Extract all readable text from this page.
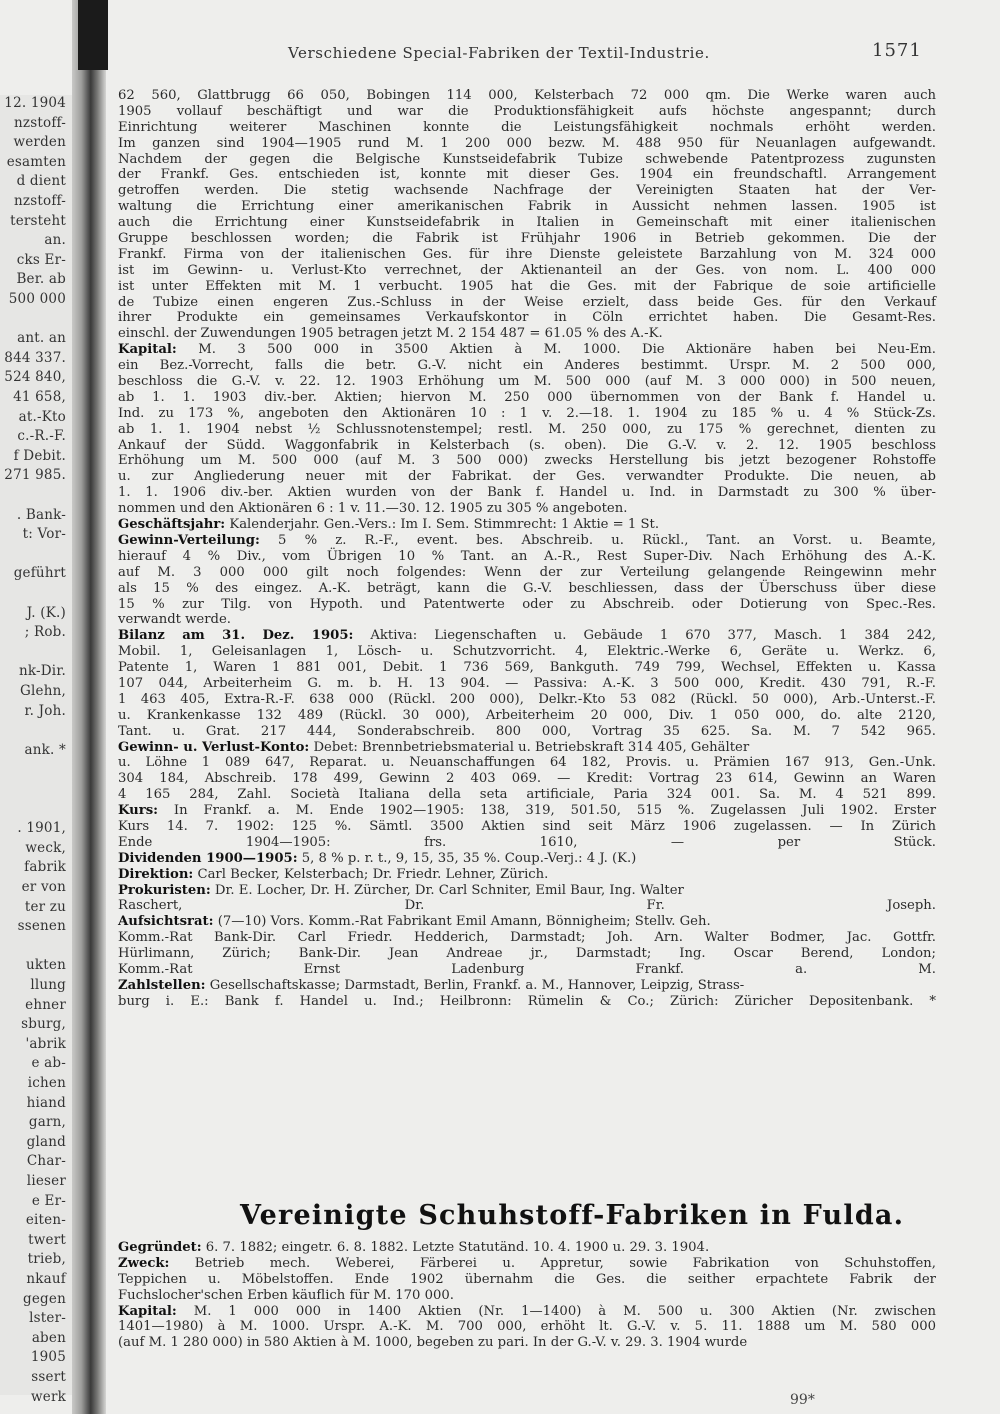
12. 1904
nzstoff-
werden
esamten
d dient
nzstoff-
tersteht
an.
cks Er-
Ber. ab
500 000
ant. an
844 337.
524 840,
41 658,
at.-Kto
c.-R.-F.
f Debit.
271 985.
. Bank-
t: Vor-
geführt
J. (K.)
; Rob.
nk-Dir.
Glehn,
r. Joh.
ank. *
. 1901,
weck,
fabrik
er von
ter zu
ssenen
ukten
llung
ehner
sburg,
'abrik
e ab-
ichen
hiand
garn,
gland
Char-
lieser
e Er-
eiten-
twert
trieb,
nkauf
gegen
lster-
aben
1905
ssert
werk
Verschiedene Special-Fabriken der Textil-Industrie.	1571
62 560, Glattbrugg 66 050, Bobingen 114 000, Kelsterbach 72 000 qm. Die Werke waren auch
1905 vollauf beschäftigt und war die Produktionsfähigkeit aufs höchste angespannt; durch
Einrichtung weiterer Maschinen konnte die Leistungsfähigkeit nochmals erhöht werden.
Im ganzen sind 1904—1905 rund M. 1 200 000 bezw. M. 488 950 für Neuanlagen aufgewandt.
Nachdem der gegen die Belgische Kunstseidefabrik Tubize schwebende Patentprozess zugunsten
der Frankf. Ges. entschieden ist, konnte mit dieser Ges. 1904 ein freundschaftl. Arrangement
getroffen werden. Die stetig wachsende Nachfrage der Vereinigten Staaten hat der Ver-
waltung die Errichtung einer amerikanischen Fabrik in Aussicht nehmen lassen. 1905 ist
auch die Errichtung einer Kunstseidefabrik in Italien in Gemeinschaft mit einer italienischen
Gruppe beschlossen worden; die Fabrik ist Frühjahr 1906 in Betrieb gekommen. Die der
Frankf. Firma von der italienischen Ges. für ihre Dienste geleistete Barzahlung von M. 324 000
ist im Gewinn- u. Verlust-Kto verrechnet, der Aktienanteil an der Ges. von nom. L. 400 000
ist unter Effekten mit M. 1 verbucht. 1905 hat die Ges. mit der Fabrique de soie artificielle
de Tubize einen engeren Zus.-Schluss in der Weise erzielt, dass beide Ges. für den Verkauf
ihrer Produkte ein gemeinsames Verkaufskontor in Cöln errichtet haben. Die Gesamt-Res.
einschl. der Zuwendungen 1905 betragen jetzt M. 2 154 487 = 61.05 % des A.-K.
Kapital: M. 3 500 000 in 3500 Aktien à M. 1000. Die Aktionäre haben bei Neu-Em.
ein Bez.-Vorrecht, falls die betr. G.-V. nicht ein Anderes bestimmt. Urspr. M. 2 500 000,
beschloss die G.-V. v. 22. 12. 1903 Erhöhung um M. 500 000 (auf M. 3 000 000) in 500 neuen,
ab 1. 1. 1903 div.-ber. Aktien; hiervon M. 250 000 übernommen von der Bank f. Handel u.
Ind. zu 173 %, angeboten den Aktionären 10 : 1 v. 2.—18. 1. 1904 zu 185 % u. 4 % Stück-Zs.
ab 1. 1. 1904 nebst ½ Schlussnotenstempel; restl. M. 250 000, zu 175 % gerechnet, dienten zu
Ankauf der Südd. Waggonfabrik in Kelsterbach (s. oben). Die G.-V. v. 2. 12. 1905 beschloss
Erhöhung um M. 500 000 (auf M. 3 500 000) zwecks Herstellung bis jetzt bezogener Rohstoffe
u. zur Angliederung neuer mit der Fabrikat. der Ges. verwandter Produkte. Die neuen, ab
1. 1. 1906 div.-ber. Aktien wurden von der Bank f. Handel u. Ind. in Darmstadt zu 300 % über-
nommen und den Aktionären 6 : 1 v. 11.—30. 12. 1905 zu 305 % angeboten.
Geschäftsjahr: Kalenderjahr. Gen.-Vers.: Im I. Sem. Stimmrecht: 1 Aktie = 1 St.
Gewinn-Verteilung: 5 % z. R.-F., event. bes. Abschreib. u. Rückl., Tant. an Vorst. u. Beamte,
hierauf 4 % Div., vom Übrigen 10 % Tant. an A.-R., Rest Super-Div. Nach Erhöhung des A.-K.
auf M. 3 000 000 gilt noch folgendes: Wenn der zur Verteilung gelangende Reingewinn mehr
als 15 % des eingez. A.-K. beträgt, kann die G.-V. beschliessen, dass der Überschuss über diese
15 % zur Tilg. von Hypoth. und Patentwerte oder zu Abschreib. oder Dotierung von Spec.-Res.
verwandt werde.
Bilanz am 31. Dez. 1905: Aktiva: Liegenschaften u. Gebäude 1 670 377, Masch. 1 384 242,
Mobil. 1, Geleisanlagen 1, Lösch- u. Schutzvorricht. 4, Elektric.-Werke 6, Geräte u. Werkz. 6,
Patente 1, Waren 1 881 001, Debit. 1 736 569, Bankguth. 749 799, Wechsel, Effekten u. Kassa
107 044, Arbeiterheim G. m. b. H. 13 904. — Passiva: A.-K. 3 500 000, Kredit. 430 791, R.-F.
1 463 405, Extra-R.-F. 638 000 (Rückl. 200 000), Delkr.-Kto 53 082 (Rückl. 50 000), Arb.-Unterst.-F.
u. Krankenkasse 132 489 (Rückl. 30 000), Arbeiterheim 20 000, Div. 1 050 000, do. alte 2120,
Tant. u. Grat. 217 444, Sonderabschreib. 800 000, Vortrag 35 625. Sa. M. 7 542 965.
Gewinn- u. Verlust-Konto: Debet: Brennbetriebsmaterial u. Betriebskraft 314 405, Gehälter
u. Löhne 1 089 647, Reparat. u. Neuanschaffungen 64 182, Provis. u. Prämien 167 913, Gen.-Unk.
304 184, Abschreib. 178 499, Gewinn 2 403 069. — Kredit: Vortrag 23 614, Gewinn an Waren
4 165 284, Zahl. Società Italiana della seta artificiale, Paria 324 001. Sa. M. 4 521 899.
Kurs: In Frankf. a. M. Ende 1902—1905: 138, 319, 501.50, 515 %. Zugelassen Juli 1902. Erster
Kurs 14. 7. 1902: 125 %. Sämtl. 3500 Aktien sind seit März 1906 zugelassen. — In Zürich
Ende 1904—1905: frs. 1610, — per Stück.
Dividenden 1900—1905: 5, 8 % p. r. t., 9, 15, 35, 35 %. Coup.-Verj.: 4 J. (K.)
Direktion: Carl Becker, Kelsterbach; Dr. Friedr. Lehner, Zürich.
Prokuristen: Dr. E. Locher, Dr. H. Zürcher, Dr. Carl Schniter, Emil Baur, Ing. Walter
Raschert, Dr. Fr. Joseph.
Aufsichtsrat: (7—10) Vors. Komm.-Rat Fabrikant Emil Amann, Bönnigheim; Stellv. Geh.
Komm.-Rat Bank-Dir. Carl Friedr. Hedderich, Darmstadt; Joh. Arn. Walter Bodmer, Jac. Gottfr.
Hürlimann, Zürich; Bank-Dir. Jean Andreae jr., Darmstadt; Ing. Oscar Berend, London;
Komm.-Rat Ernst Ladenburg Frankf. a. M.
Zahlstellen: Gesellschaftskasse; Darmstadt, Berlin, Frankf. a. M., Hannover, Leipzig, Strass-
burg i. E.: Bank f. Handel u. Ind.; Heilbronn: Rümelin & Co.; Zürich: Züricher Depositenbank. *
Vereinigte Schuhstoff-Fabriken in Fulda.
Gegründet: 6. 7. 1882; eingetr. 6. 8. 1882. Letzte Statutänd. 10. 4. 1900 u. 29. 3. 1904.
Zweck: Betrieb mech. Weberei, Färberei u. Appretur, sowie Fabrikation von Schuhstoffen,
Teppichen u. Möbelstoffen. Ende 1902 übernahm die Ges. die seither erpachtete Fabrik der
Fuchslocher'schen Erben käuflich für M. 170 000.
Kapital: M. 1 000 000 in 1400 Aktien (Nr. 1—1400) à M. 500 u. 300 Aktien (Nr. zwischen
1401—1980) à M. 1000. Urspr. A.-K. M. 700 000, erhöht lt. G.-V. v. 5. 11. 1888 um M. 580 000
(auf M. 1 280 000) in 580 Aktien à M. 1000, begeben zu pari. In der G.-V. v. 29. 3. 1904 wurde
99*
